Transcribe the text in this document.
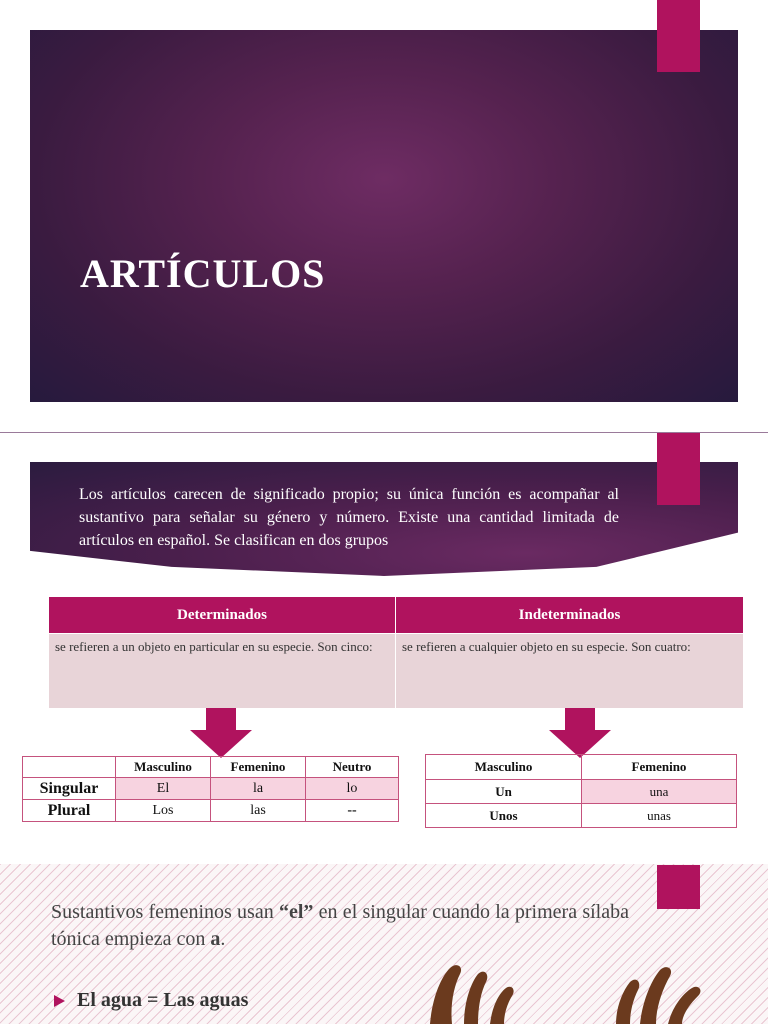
ARTÍCULOS

Los artículos carecen de significado propio; su única función es acompañar al sustantivo para señalar su género y número. Existe una cantidad limitada de artículos en español. Se clasifican en dos grupos

Determinados	Indeterminados
se refieren a un objeto en particular en su especie. Son cinco:	se refieren a cualquier objeto en su especie. Son cuatro:
	Masculino	Femenino	Neutro
Singular	El	la	lo
Plural	Los	las	--
Masculino	Femenino
Un	una
Unos	unas

Sustantivos femeninos usan “el” en el singular cuando la primera sílaba tónica empieza con a.

El agua = Las aguas
